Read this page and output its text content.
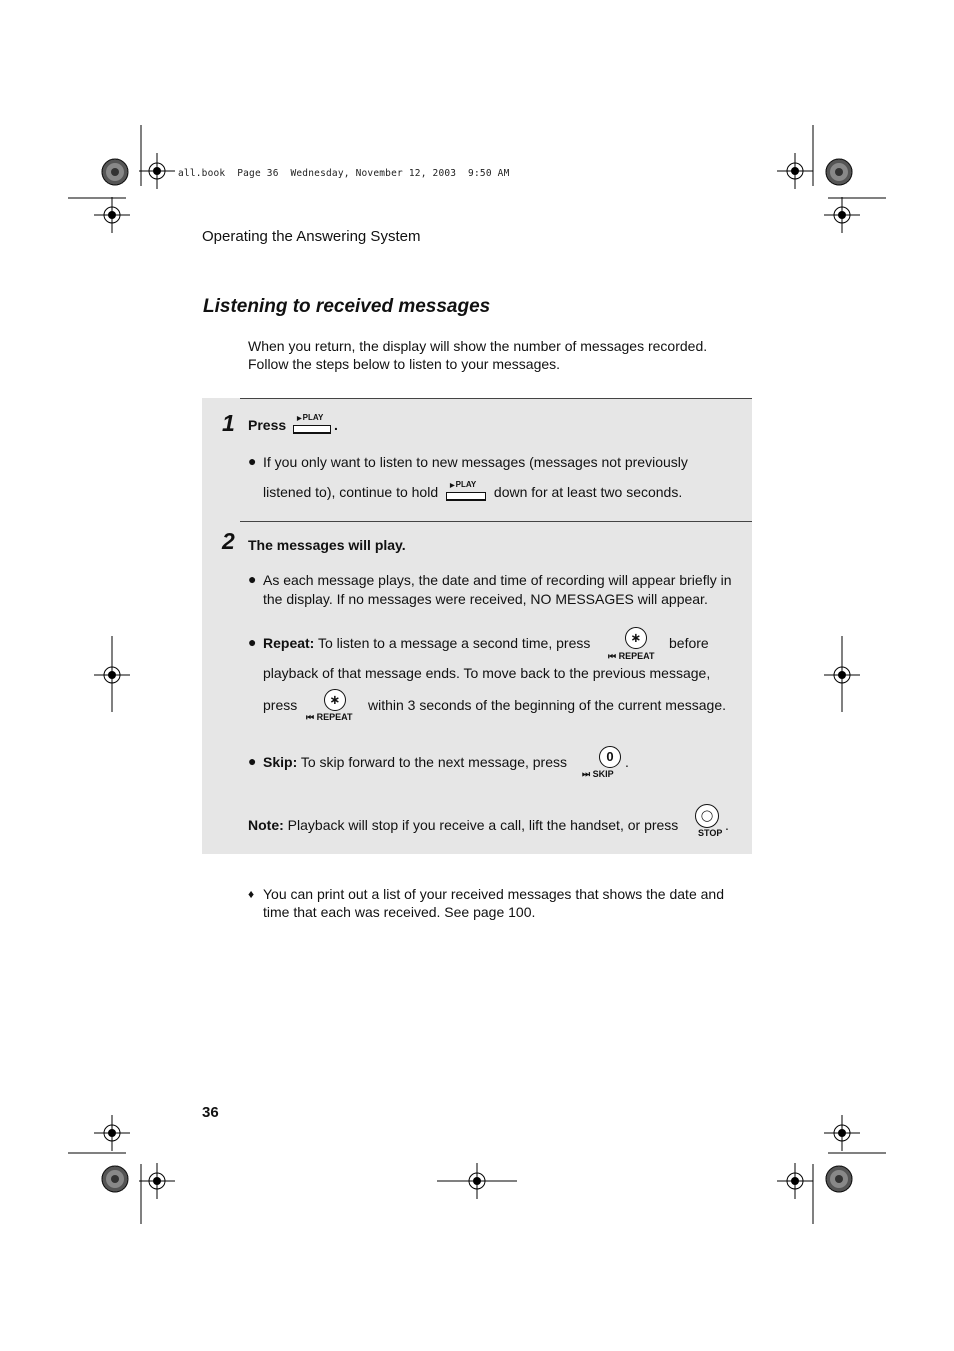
all.book  Page 36  Wednesday, November 12, 2003  9:50 AM
Operating the Answering System
Listening to received messages
When you return, the display will show the number of messages recorded.
Follow the steps below to listen to your messages.
1 Press	▶ PLAY .
● If you only want to listen to new messages (messages not previously
listened to), continue to hold	▶ PLAY down for at least two seconds.
2 The messages will play.
● As each message plays, the date and time of recording will appear briefly in
the display. If no messages were received, NO MESSAGES will appear.
● Repeat: To listen to a message a second time, press	∗
⏮︎ REPEAT
before
playback of that message ends. To move back to the previous message,
press	∗
⏮︎ REPEAT
within 3 seconds of the beginning of the current message.
● Skip: To skip forward to the next message, press	0
⏭︎ SKIP
.
Note: Playback will stop if you receive a call, lift the handset, or press
◯
STOP .
♦ You can print out a list of your received messages that shows the date and
time that each was received. See page 100.
36
